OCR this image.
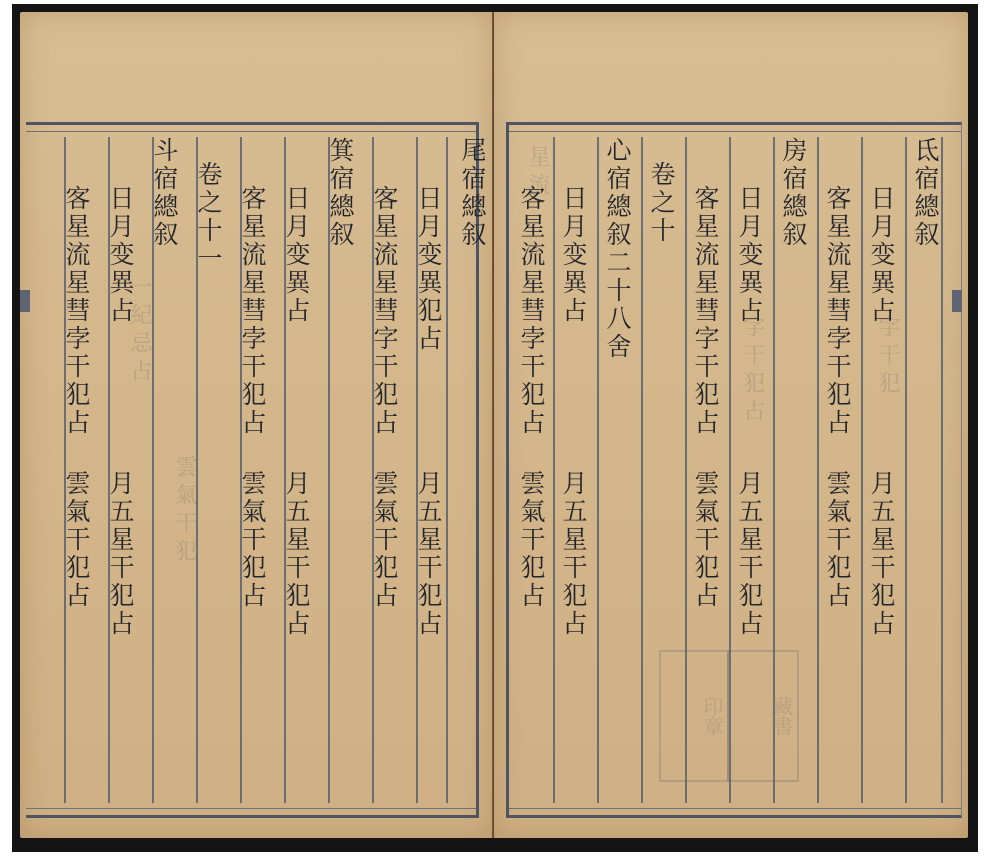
一紀忌占
雲氣干犯
尾宿總叙
日月变異犯占
月五星干犯占
客星流星彗字干犯占
雲氣干犯占
箕宿總叙
日月变異占
月五星干犯占
客星流星彗孛干犯占
雲氣干犯占
卷之十一
斗宿總叙
日月变異占
月五星干犯占
客星流星彗孛干犯占
雲氣干犯占
字干犯
字干犯占
星流
印章	藏書
氐宿總叙
日月变異占
月五星干犯占
客星流星彗孛干犯占
雲氣干犯占
房宿總叙
日月变異占
月五星干犯占
客星流星彗字干犯占
雲氣干犯占
卷之十
心宿總叙二十八舍
日月变異占
月五星干犯占
客星流星彗孛干犯占
雲氣干犯占
